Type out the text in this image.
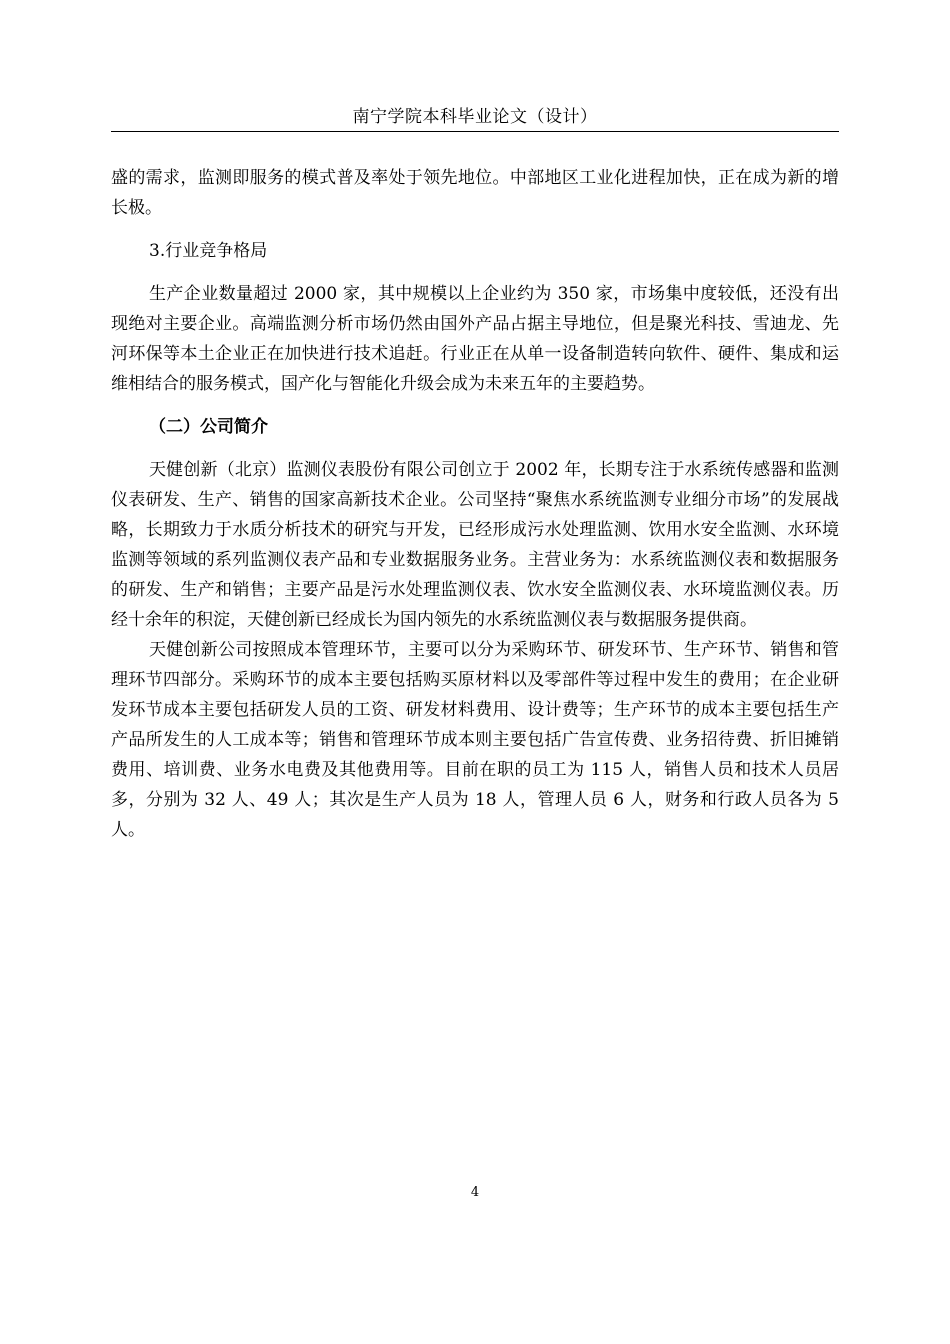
南宁学院本科毕业论文（设计）

盛的需求，监测即服务的模式普及率处于领先地位。中部地区工业化进程加快，正在成为新的增长极。

3.行业竞争格局

生产企业数量超过 2000 家，其中规模以上企业约为 350 家，市场集中度较低，还没有出现绝对主要企业。高端监测分析市场仍然由国外产品占据主导地位，但是聚光科技、雪迪龙、先河环保等本土企业正在加快进行技术追赶。行业正在从单一设备制造转向软件、硬件、集成和运维相结合的服务模式，国产化与智能化升级会成为未来五年的主要趋势。

（二）公司简介

天健创新（北京）监测仪表股份有限公司创立于 2002 年，长期专注于水系统传感器和监测仪表研发、生产、销售的国家高新技术企业。公司坚持“聚焦水系统监测专业细分市场”的发展战略，长期致力于水质分析技术的研究与开发，已经形成污水处理监测、饮用水安全监测、水环境监测等领域的系列监测仪表产品和专业数据服务业务。主营业务为：水系统监测仪表和数据服务的研发、生产和销售；主要产品是污水处理监测仪表、饮水安全监测仪表、水环境监测仪表。历经十余年的积淀，天健创新已经成长为国内领先的水系统监测仪表与数据服务提供商。

天健创新公司按照成本管理环节，主要可以分为采购环节、研发环节、生产环节、销售和管理环节四部分。采购环节的成本主要包括购买原材料以及零部件等过程中发生的费用；在企业研发环节成本主要包括研发人员的工资、研发材料费用、设计费等；生产环节的成本主要包括生产产品所发生的人工成本等；销售和管理环节成本则主要包括广告宣传费、业务招待费、折旧摊销费用、培训费、业务水电费及其他费用等。目前在职的员工为 115 人，销售人员和技术人员居多，分别为 32 人、49 人；其次是生产人员为 18 人，管理人员 6 人，财务和行政人员各为 5 人。

4
